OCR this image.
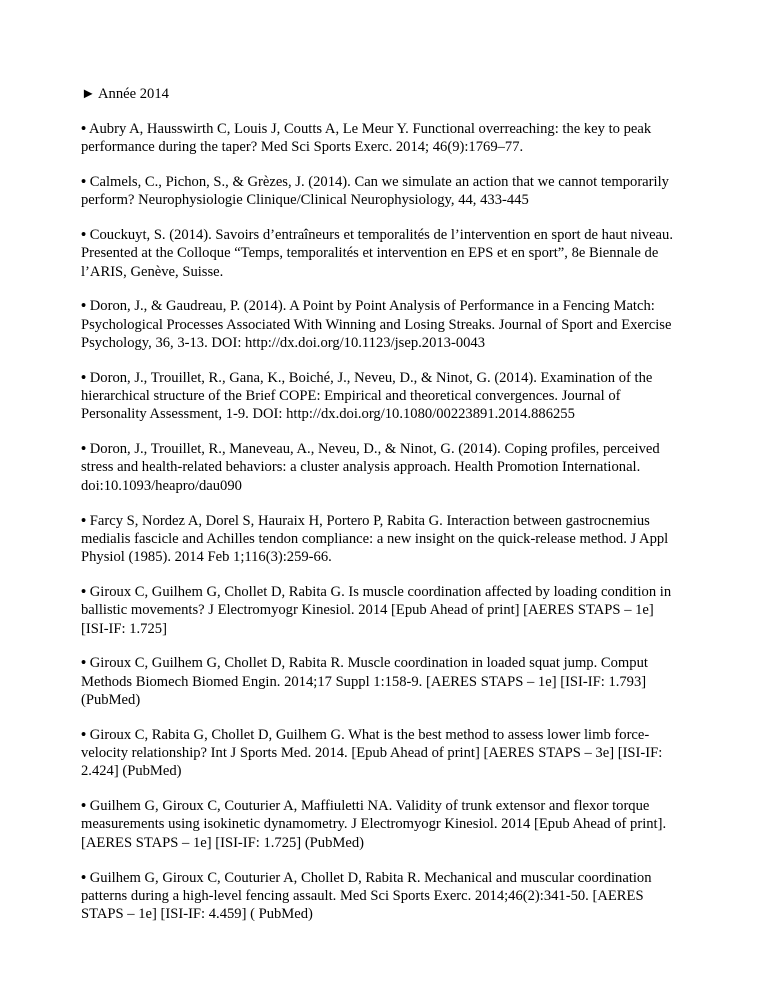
► Année 2014

• Aubry A, Hausswirth C, Louis J, Coutts A, Le Meur Y. Functional overreaching: the key to peak performance during the taper? Med Sci Sports Exerc. 2014; 46(9):1769–77.

• Calmels, C., Pichon, S., & Grèzes, J. (2014). Can we simulate an action that we cannot temporarily perform? Neurophysiologie Clinique/Clinical Neurophysiology, 44, 433-445

• Couckuyt, S. (2014). Savoirs d’entraîneurs et temporalités de l’intervention en sport de haut niveau. Presented at the Colloque “Temps, temporalités et intervention en EPS et en sport”, 8e Biennale de l’ARIS, Genève, Suisse.

• Doron, J., & Gaudreau, P. (2014). A Point by Point Analysis of Performance in a Fencing Match: Psychological Processes Associated With Winning and Losing Streaks. Journal of Sport and Exercise Psychology, 36, 3-13. DOI: http://dx.doi.org/10.1123/jsep.2013-0043

• Doron, J., Trouillet, R., Gana, K., Boiché, J., Neveu, D., & Ninot, G. (2014). Examination of the hierarchical structure of the Brief COPE: Empirical and theoretical convergences. Journal of Personality Assessment, 1-9. DOI: http://dx.doi.org/10.1080/00223891.2014.886255

• Doron, J., Trouillet, R., Maneveau, A., Neveu, D., & Ninot, G. (2014). Coping profiles, perceived stress and health-related behaviors: a cluster analysis approach. Health Promotion International. doi:10.1093/heapro/dau090

• Farcy S, Nordez A, Dorel S, Hauraix H, Portero P, Rabita G. Interaction between gastrocnemius medialis fascicle and Achilles tendon compliance: a new insight on the quick-release method. J Appl Physiol (1985). 2014 Feb 1;116(3):259-66.

• Giroux C, Guilhem G, Chollet D, Rabita G. Is muscle coordination affected by loading condition in ballistic movements? J Electromyogr Kinesiol. 2014 [Epub Ahead of print] [AERES STAPS – 1e] [ISI-IF: 1.725]

• Giroux C, Guilhem G, Chollet D, Rabita R. Muscle coordination in loaded squat jump. Comput Methods Biomech Biomed Engin. 2014;17 Suppl 1:158-9. [AERES STAPS – 1e] [ISI-IF: 1.793] (PubMed)

• Giroux C, Rabita G, Chollet D, Guilhem G. What is the best method to assess lower limb force-velocity relationship? Int J Sports Med. 2014. [Epub Ahead of print] [AERES STAPS – 3e] [ISI-IF: 2.424] (PubMed)

• Guilhem G, Giroux C, Couturier A, Maffiuletti NA. Validity of trunk extensor and flexor torque measurements using isokinetic dynamometry. J Electromyogr Kinesiol. 2014 [Epub Ahead of print]. [AERES STAPS – 1e] [ISI-IF: 1.725] (PubMed)

• Guilhem G, Giroux C, Couturier A, Chollet D, Rabita R. Mechanical and muscular coordination patterns during a high-level fencing assault. Med Sci Sports Exerc. 2014;46(2):341-50. [AERES STAPS – 1e] [ISI-IF: 4.459] ( PubMed)
